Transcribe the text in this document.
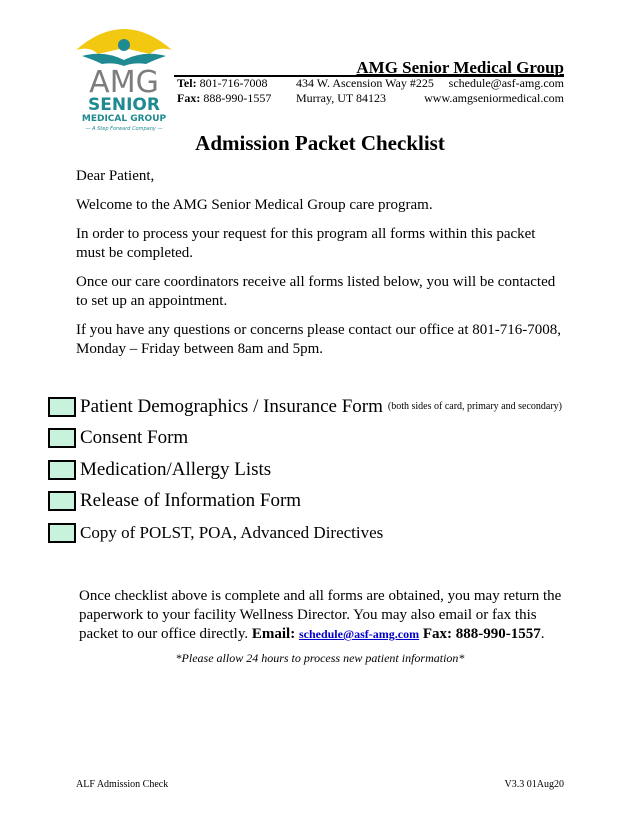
AMG
SENIOR
MEDICAL GROUP
— A Step Forward Company —
AMG Senior Medical Group
Tel: 801-716-7008
Fax: 888-990-1557
434 W. Ascension Way #225
Murray, UT 84123
schedule@asf-amg.com
www.amgseniormedical.com
Admission Packet Checklist

Dear Patient,

Welcome to the AMG Senior Medical Group care program.

In order to process your request for this program all forms within this packet must be completed.

Once our care coordinators receive all forms listed below, you will be contacted to set up an appointment.

If you have any questions or concerns please contact our office at 801-716-7008, Monday – Friday between 8am and 5pm.

Patient Demographics / Insurance Form (both sides of card, primary and secondary)
Consent Form
Medication/Allergy Lists
Release of Information Form
Copy of POLST, POA, Advanced Directives
Once checklist above is complete and all forms are obtained, you may return the paperwork to your facility Wellness Director. You may also email or fax this packet to our office directly. Email: schedule@asf-amg.com Fax: 888-990-1557.
*Please allow 24 hours to process new patient information*
ALF Admission Check	V3.3 01Aug20
